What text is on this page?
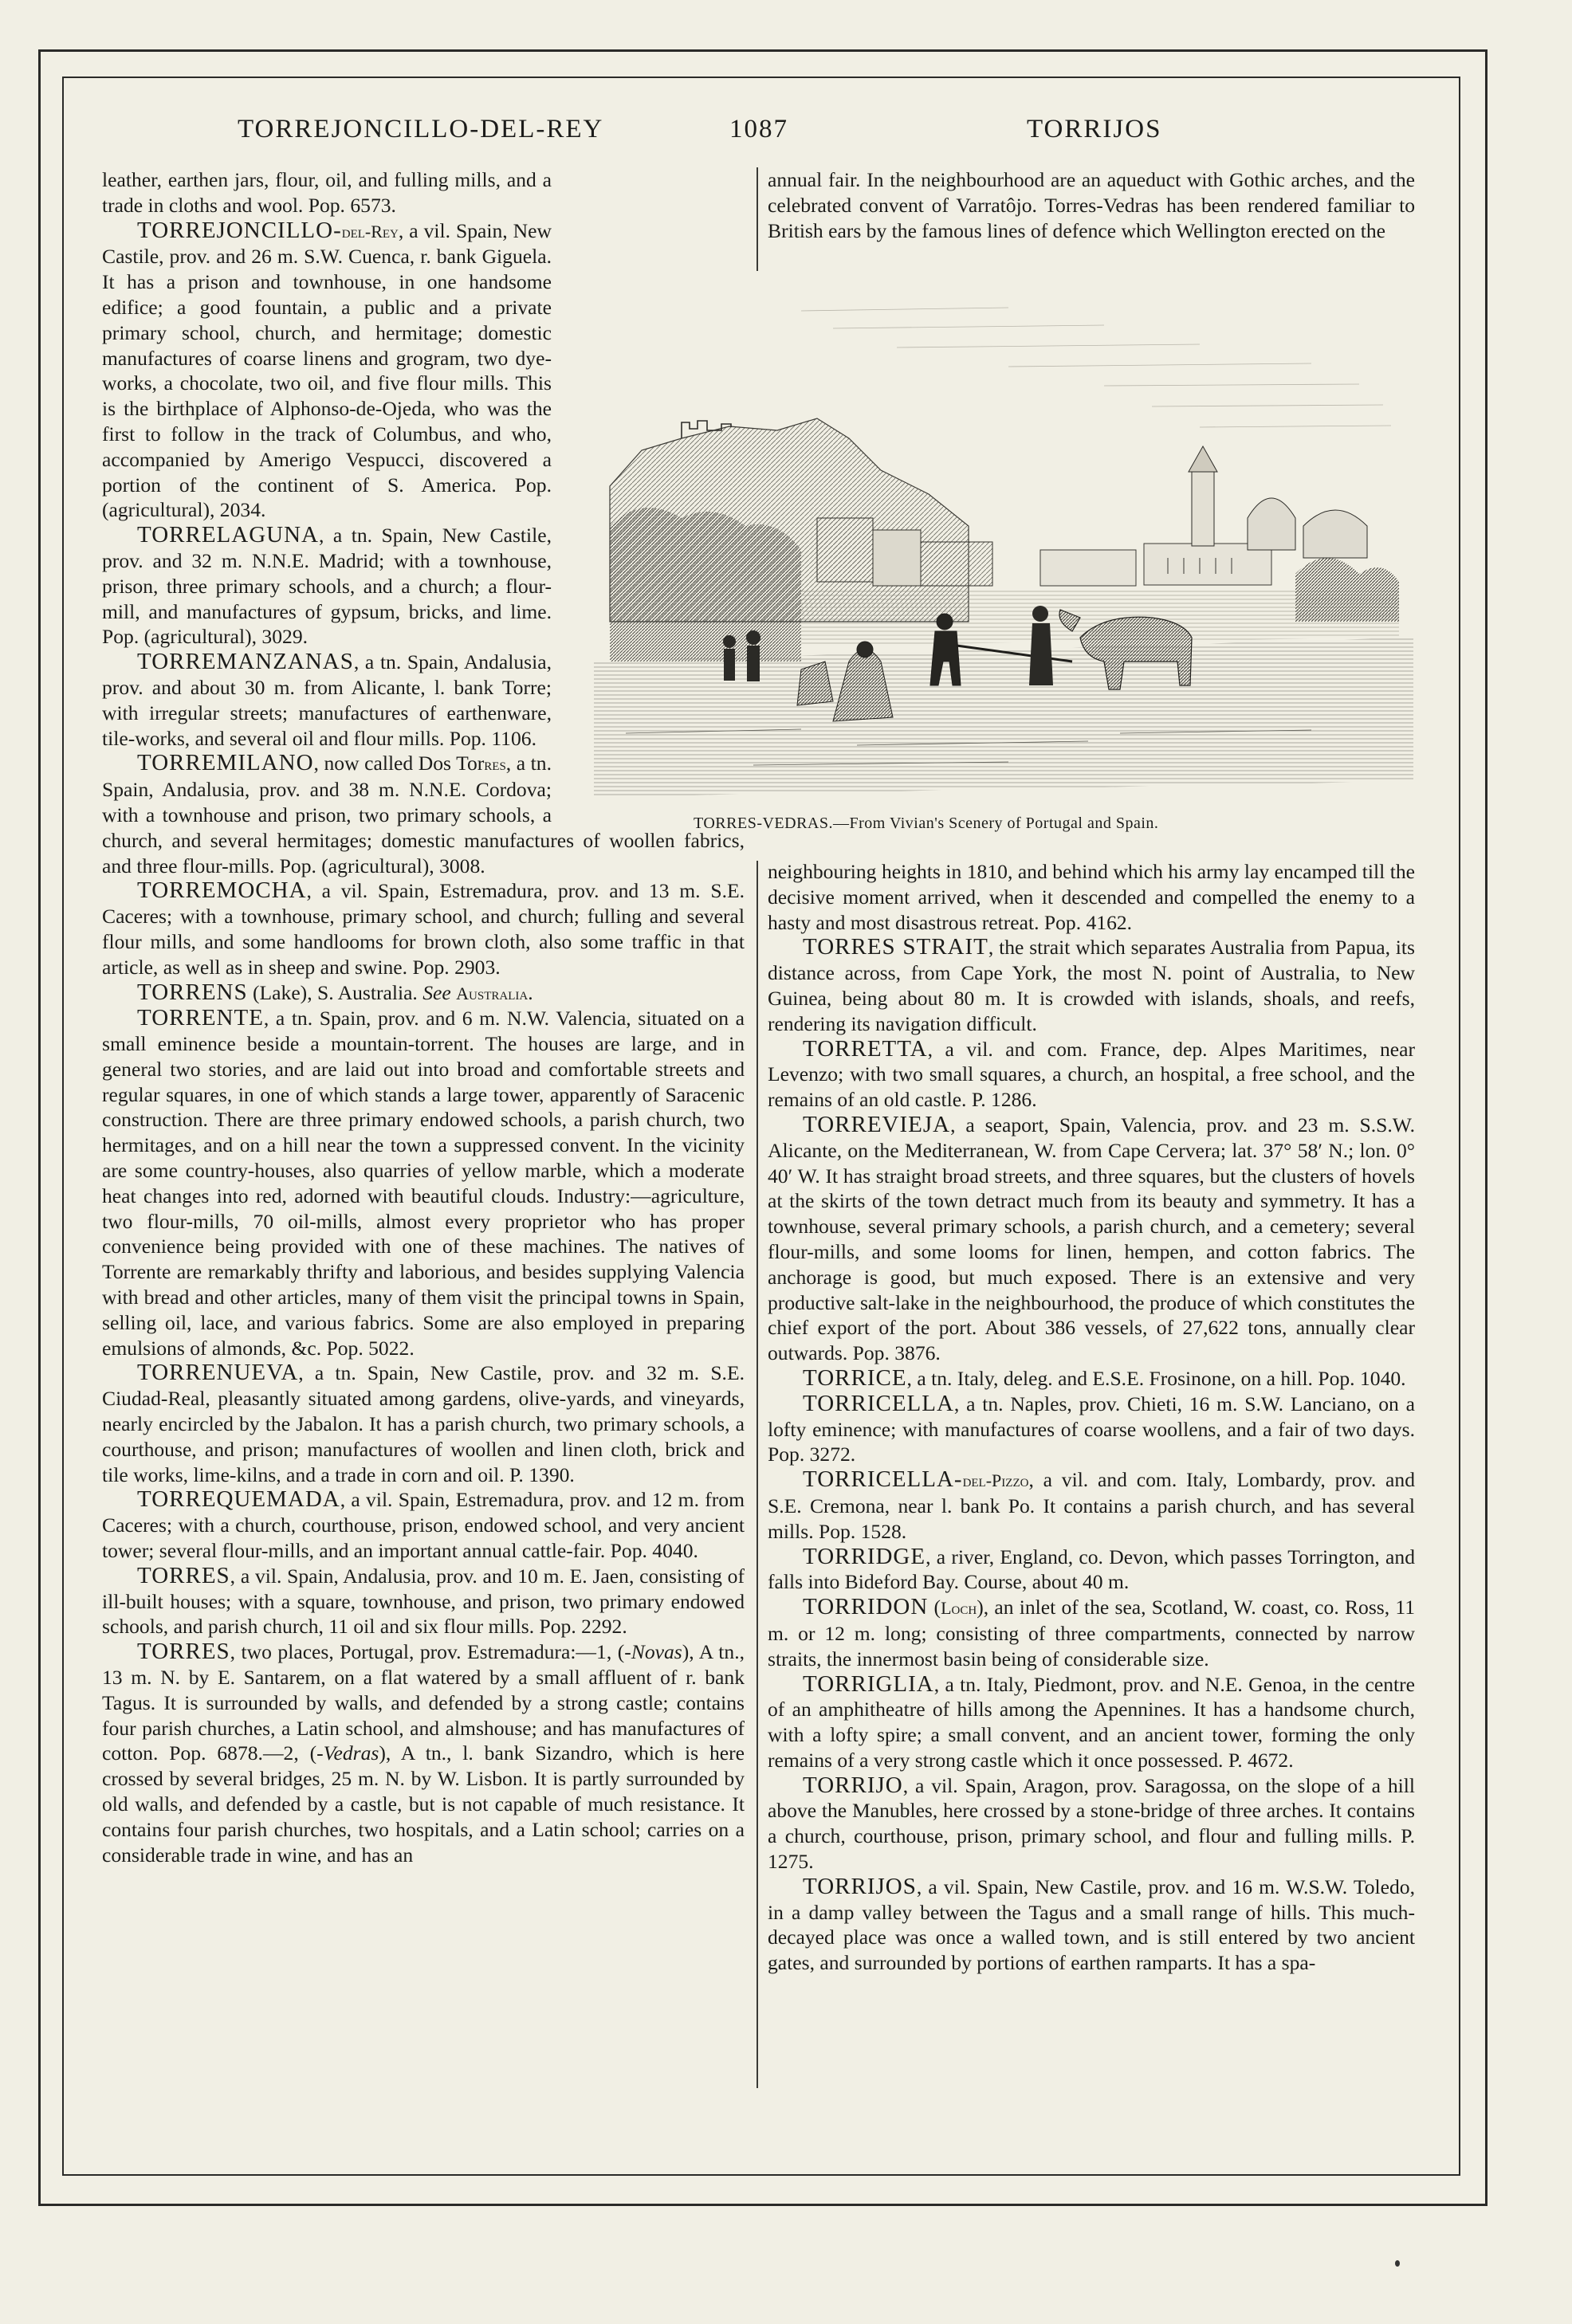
TORREJONCILLO-DEL-REY	1087	TORRIJOS

leather, earthen jars, flour, oil, and fulling mills, and a trade in cloths and wool. Pop. 6573.

TORREJONCILLO-del-Rey, a vil. Spain, New Castile, prov. and 26 m. S.W. Cuenca, r. bank Giguela. It has a prison and townhouse, in one handsome edifice; a good fountain, a public and a private primary school, church, and hermitage; domestic manufactures of coarse linens and grogram, two dye-works, a chocolate, two oil, and five flour mills. This is the birthplace of Alphonso-de-Ojeda, who was the first to follow in the track of Columbus, and who, accompanied by Amerigo Vespucci, discovered a portion of the continent of S. America. Pop. (agricultural), 2034.

TORRELAGUNA, a tn. Spain, New Castile, prov. and 32 m. N.N.E. Madrid; with a townhouse, prison, three primary schools, and a church; a flour-mill, and manufactures of gypsum, bricks, and lime. Pop. (agricultural), 3029.

TORREMANZANAS, a tn. Spain, Andalusia, prov. and about 30 m. from Alicante, l. bank Torre; with irregular streets; manufactures of earthenware, tile-works, and several oil and flour mills. Pop. 1106.

TORREMILANO, now called Dos Torres, a tn. Spain, Andalusia, prov. and 38 m. N.N.E. Cordova; with a townhouse and prison, two primary schools, a church, and several hermitages; domestic manufactures of woollen fabrics, and three flour-mills. Pop. (agricultural), 3008.

TORREMOCHA, a vil. Spain, Estremadura, prov. and 13 m. S.E. Caceres; with a townhouse, primary school, and church; fulling and several flour mills, and some handlooms for brown cloth, also some traffic in that article, as well as in sheep and swine. Pop. 2903.

TORRENS (Lake), S. Australia. See Australia.

TORRENTE, a tn. Spain, prov. and 6 m. N.W. Valencia, situated on a small eminence beside a mountain-torrent. The houses are large, and in general two stories, and are laid out into broad and comfortable streets and regular squares, in one of which stands a large tower, apparently of Saracenic construction. There are three primary endowed schools, a parish church, two hermitages, and on a hill near the town a suppressed convent. In the vicinity are some country-houses, also quarries of yellow marble, which a moderate heat changes into red, adorned with beautiful clouds. Industry:—agriculture, two flour-mills, 70 oil-mills, almost every proprietor who has proper convenience being provided with one of these machines. The natives of Torrente are remarkably thrifty and laborious, and besides supplying Valencia with bread and other articles, many of them visit the principal towns in Spain, selling oil, lace, and various fabrics. Some are also employed in preparing emulsions of almonds, &c. Pop. 5022.

TORRENUEVA, a tn. Spain, New Castile, prov. and 32 m. S.E. Ciudad-Real, pleasantly situated among gardens, olive-yards, and vineyards, nearly encircled by the Jabalon. It has a parish church, two primary schools, a courthouse, and prison; manufactures of woollen and linen cloth, brick and tile works, lime-kilns, and a trade in corn and oil. P. 1390.

TORREQUEMADA, a vil. Spain, Estremadura, prov. and 12 m. from Caceres; with a church, courthouse, prison, endowed school, and very ancient tower; several flour-mills, and an important annual cattle-fair. Pop. 4040.

TORRES, a vil. Spain, Andalusia, prov. and 10 m. E. Jaen, consisting of ill-built houses; with a square, townhouse, and prison, two primary endowed schools, and parish church, 11 oil and six flour mills. Pop. 2292.

TORRES, two places, Portugal, prov. Estremadura:—1, (-Novas), A tn., 13 m. N. by E. Santarem, on a flat watered by a small affluent of r. bank Tagus. It is surrounded by walls, and defended by a strong castle; contains four parish churches, a Latin school, and almshouse; and has manufactures of cotton. Pop. 6878.—2, (-Vedras), A tn., l. bank Sizandro, which is here crossed by several bridges, 25 m. N. by W. Lisbon. It is partly surrounded by old walls, and defended by a castle, but is not capable of much resistance. It contains four parish churches, two hospitals, and a Latin school; carries on a considerable trade in wine, and has an

annual fair. In the neighbourhood are an aqueduct with Gothic arches, and the celebrated convent of Varratôjo. Torres-Vedras has been rendered familiar to British ears by the famous lines of defence which Wellington erected on the

TORRES-VEDRAS.—From Vivian's Scenery of Portugal and Spain.

neighbouring heights in 1810, and behind which his army lay encamped till the decisive moment arrived, when it descended and compelled the enemy to a hasty and most disastrous retreat. Pop. 4162.

TORRES STRAIT, the strait which separates Australia from Papua, its distance across, from Cape York, the most N. point of Australia, to New Guinea, being about 80 m. It is crowded with islands, shoals, and reefs, rendering its navigation difficult.

TORRETTA, a vil. and com. France, dep. Alpes Maritimes, near Levenzo; with two small squares, a church, an hospital, a free school, and the remains of an old castle. P. 1286.

TORREVIEJA, a seaport, Spain, Valencia, prov. and 23 m. S.S.W. Alicante, on the Mediterranean, W. from Cape Cervera; lat. 37° 58′ N.; lon. 0° 40′ W. It has straight broad streets, and three squares, but the clusters of hovels at the skirts of the town detract much from its beauty and symmetry. It has a townhouse, several primary schools, a parish church, and a cemetery; several flour-mills, and some looms for linen, hempen, and cotton fabrics. The anchorage is good, but much exposed. There is an extensive and very productive salt-lake in the neighbourhood, the produce of which constitutes the chief export of the port. About 386 vessels, of 27,622 tons, annually clear outwards. Pop. 3876.

TORRICE, a tn. Italy, deleg. and E.S.E. Frosinone, on a hill. Pop. 1040.

TORRICELLA, a tn. Naples, prov. Chieti, 16 m. S.W. Lanciano, on a lofty eminence; with manufactures of coarse woollens, and a fair of two days. Pop. 3272.

TORRICELLA-del-Pizzo, a vil. and com. Italy, Lombardy, prov. and S.E. Cremona, near l. bank Po. It contains a parish church, and has several mills. Pop. 1528.

TORRIDGE, a river, England, co. Devon, which passes Torrington, and falls into Bideford Bay. Course, about 40 m.

TORRIDON (Loch), an inlet of the sea, Scotland, W. coast, co. Ross, 11 m. or 12 m. long; consisting of three compartments, connected by narrow straits, the innermost basin being of considerable size.

TORRIGLIA, a tn. Italy, Piedmont, prov. and N.E. Genoa, in the centre of an amphitheatre of hills among the Apennines. It has a handsome church, with a lofty spire; a small convent, and an ancient tower, forming the only remains of a very strong castle which it once possessed. P. 4672.

TORRIJO, a vil. Spain, Aragon, prov. Saragossa, on the slope of a hill above the Manubles, here crossed by a stone-bridge of three arches. It contains a church, courthouse, prison, primary school, and flour and fulling mills. P. 1275.

TORRIJOS, a vil. Spain, New Castile, prov. and 16 m. W.S.W. Toledo, in a damp valley between the Tagus and a small range of hills. This much-decayed place was once a walled town, and is still entered by two ancient gates, and surrounded by portions of earthen ramparts. It has a spa-
